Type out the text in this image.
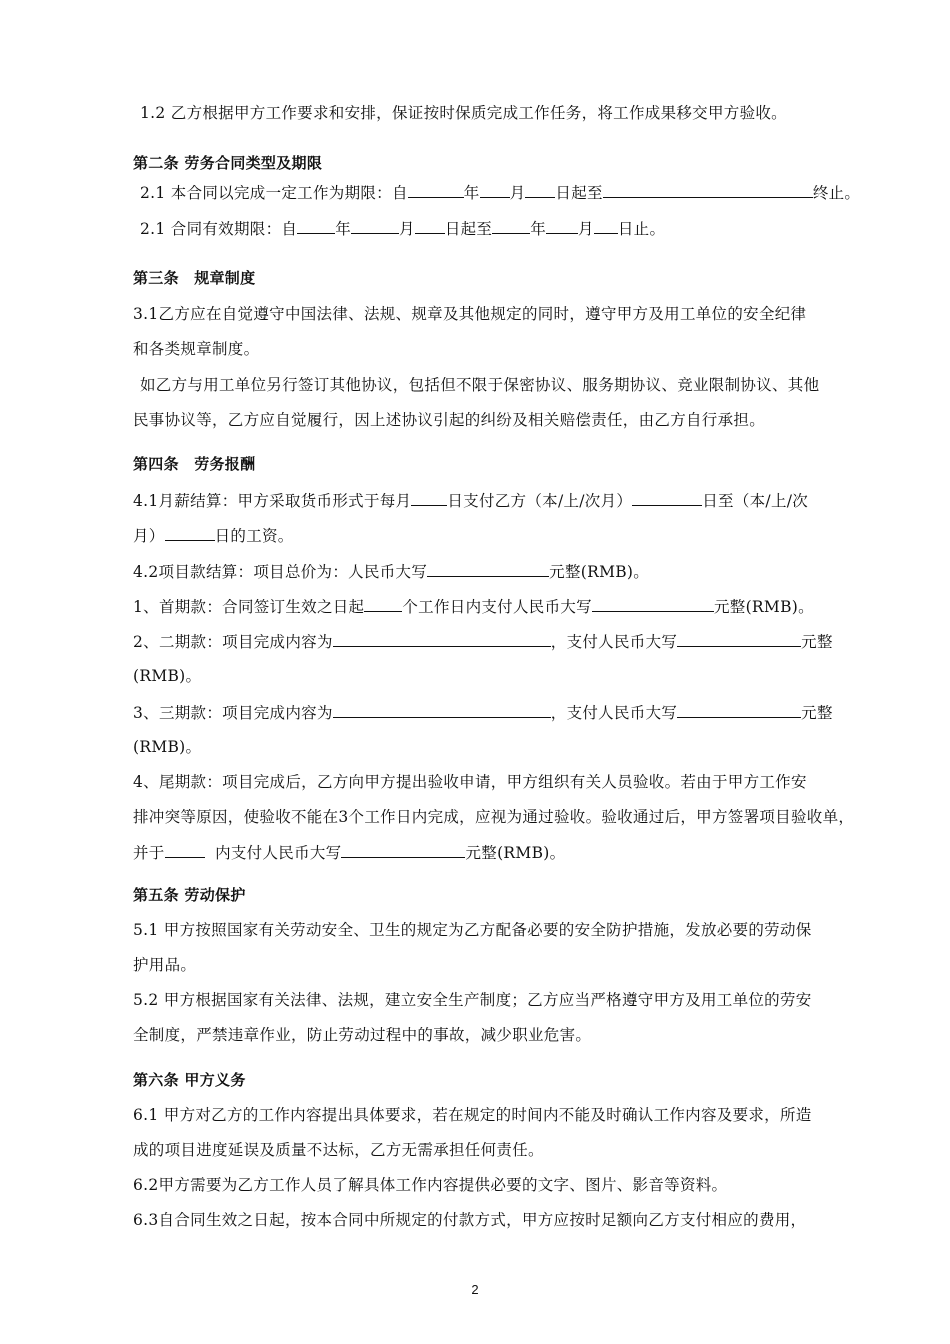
1.2 乙方根据甲方工作要求和安排，保证按时保质完成工作任务，将工作成果移交甲方验收。
第二条 劳务合同类型及期限
2.1 本合同以完成一定工作为期限：自	年 月 日起至	终止。
2.1 合同有效期限：自 年	月 日起至 年 月 日止。
第三条　规章制度
3.1乙方应在自觉遵守中国法律、法规、规章及其他规定的同时，遵守甲方及用工单位的安全纪律
和各类规章制度。
如乙方与用工单位另行签订其他协议，包括但不限于保密协议、服务期协议、竞业限制协议、其他
民事协议等，乙方应自觉履行，因上述协议引起的纠纷及相关赔偿责任，由乙方自行承担。
第四条　劳务报酬
4.1月薪结算：甲方采取货币形式于每月 日支付乙方（本/上/次月）	日至（本/上/次
月）	日的工资。
4.2项目款结算：项目总价为：人民币大写	元整(RMB)。
1、首期款：合同签订生效之日起 个工作日内支付人民币大写	元整(RMB)。
2、二期款：项目完成内容为	，支付人民币大写	元整
(RMB)。
3、三期款：项目完成内容为	，支付人民币大写	元整
(RMB)。
4、尾期款：项目完成后，乙方向甲方提出验收申请，甲方组织有关人员验收。若由于甲方工作安
排冲突等原因，使验收不能在3个工作日内完成，应视为通过验收。验收通过后，甲方签署项目验收单，
并于	内支付人民币大写	元整(RMB)。
第五条 劳动保护
5.1 甲方按照国家有关劳动安全、卫生的规定为乙方配备必要的安全防护措施，发放必要的劳动保
护用品。
5.2 甲方根据国家有关法律、法规，建立安全生产制度；乙方应当严格遵守甲方及用工单位的劳安
全制度，严禁违章作业，防止劳动过程中的事故，减少职业危害。
第六条 甲方义务
6.1 甲方对乙方的工作内容提出具体要求，若在规定的时间内不能及时确认工作内容及要求，所造
成的项目进度延误及质量不达标，乙方无需承担任何责任。
6.2甲方需要为乙方工作人员了解具体工作内容提供必要的文字、图片、影音等资料。
6.3自合同生效之日起，按本合同中所规定的付款方式，甲方应按时足额向乙方支付相应的费用，
2
